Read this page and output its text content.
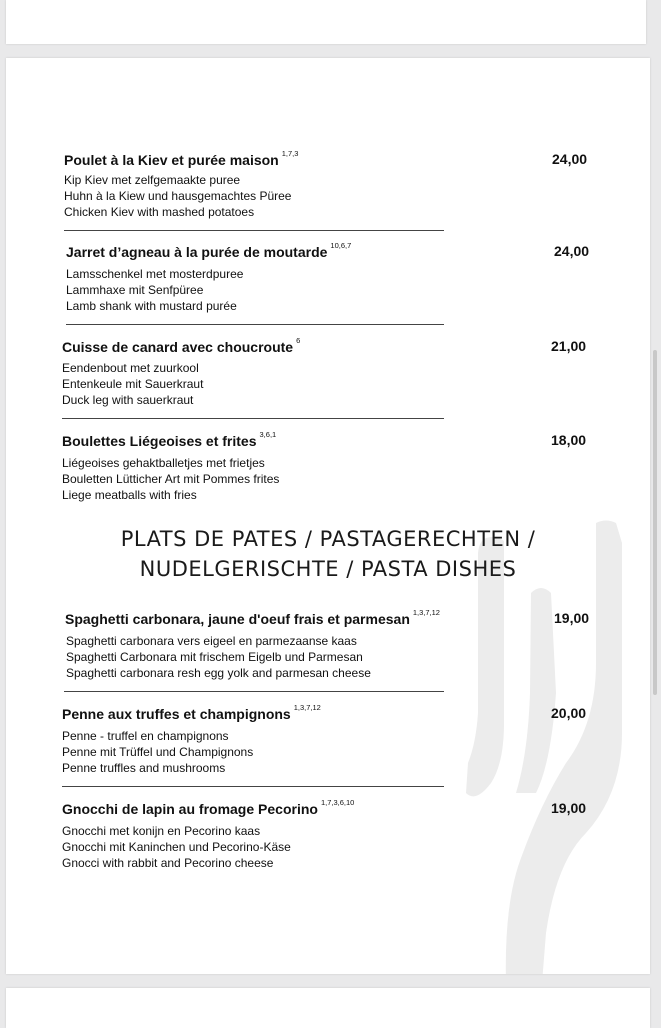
Poulet à la Kiev et purée maison $^{1,7,3}$	24,00
Kip Kiev met zelfgemaakte puree
Huhn à la Kiew und hausgemachtes Püree
Chicken Kiev with mashed potatoes
Jarret d’agneau à la purée de moutarde $^{10,6,7}$	24,00
Lamsschenkel met mosterdpuree
Lammhaxe mit Senfpüree
Lamb shank with mustard purée
Cuisse de canard avec choucroute $^6$	21,00
Eendenbout met zuurkool
Entenkeule mit Sauerkraut
Duck leg with sauerkraut
Boulettes Liégeoises et frites $^{3,6,1}$	18,00
Liégeoises gehaktballetjes met frietjes
Bouletten Lütticher Art mit Pommes frites
Liege meatballs with fries
PLATS DE PATES / PASTAGERECHTEN /
NUDELGERISCHTE / PASTA DISHES
Spaghetti carbonara, jaune d'oeuf frais et parmesan $^{1,3,7,12}$	19,00
Spaghetti carbonara vers eigeel en parmezaanse kaas
Spaghetti Carbonara mit frischem Eigelb und Parmesan
Spaghetti carbonara resh egg yolk and parmesan cheese
Penne aux truffes et champignons $^{1,3,7,12}$	20,00
Penne - truffel en champignons
Penne mit Trüffel und Champignons
Penne truffles and mushrooms
Gnocchi de lapin au fromage Pecorino $^{1,7,3,6,10}$	19,00
Gnocchi met konijn en Pecorino kaas
Gnocchi mit Kaninchen und Pecorino-Käse
Gnocci with rabbit and Pecorino cheese
